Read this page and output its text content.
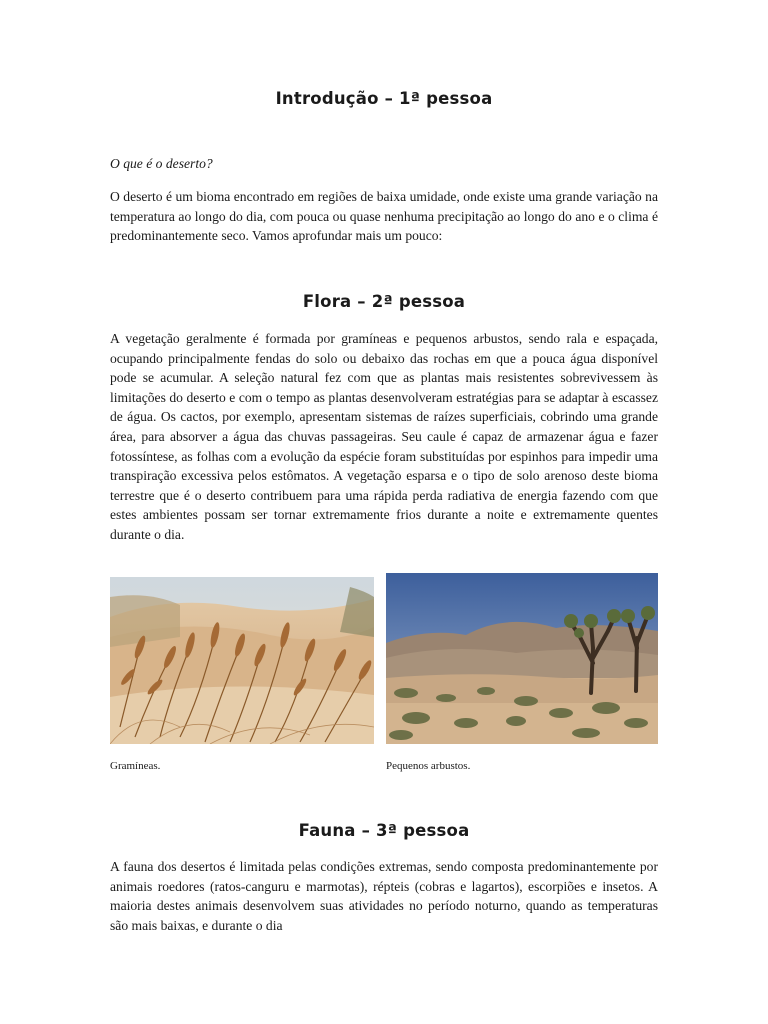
Introdução – 1ª pessoa
O que é o deserto?

O deserto é um bioma encontrado em regiões de baixa umidade, onde existe uma grande variação na temperatura ao longo do dia, com pouca ou quase nenhuma precipitação ao longo do ano e o clima é predominantemente seco. Vamos aprofundar mais um pouco:

Flora – 2ª pessoa

A vegetação geralmente é formada por gramíneas e pequenos arbustos, sendo rala e espaçada, ocupando principalmente fendas do solo ou debaixo das rochas em que a pouca água disponível pode se acumular. A seleção natural fez com que as plantas mais resistentes sobrevivessem às limitações do deserto e com o tempo as plantas desenvolveram estratégias para se adaptar à escassez de água. Os cactos, por exemplo, apresentam sistemas de raízes superficiais, cobrindo uma grande área, para absorver a água das chuvas passageiras. Seu caule é capaz de armazenar água e fazer fotossíntese, as folhas com a evolução da espécie foram substituídas por espinhos para impedir uma transpiração excessiva pelos estômatos. A vegetação esparsa e o tipo de solo arenoso deste bioma terrestre que é o deserto contribuem para uma rápida perda radiativa de energia fazendo com que estes ambientes possam ser tornar extremamente frios durante a noite e extremamente quentes durante o dia.

Gramíneas.	Pequenos arbustos.
Fauna – 3ª pessoa

A fauna dos desertos é limitada pelas condições extremas, sendo composta predominantemente por animais roedores (ratos-canguru e marmotas), répteis (cobras e lagartos), escorpiões e insetos. A maioria destes animais desenvolvem suas atividades no período noturno, quando as temperaturas são mais baixas, e durante o dia
